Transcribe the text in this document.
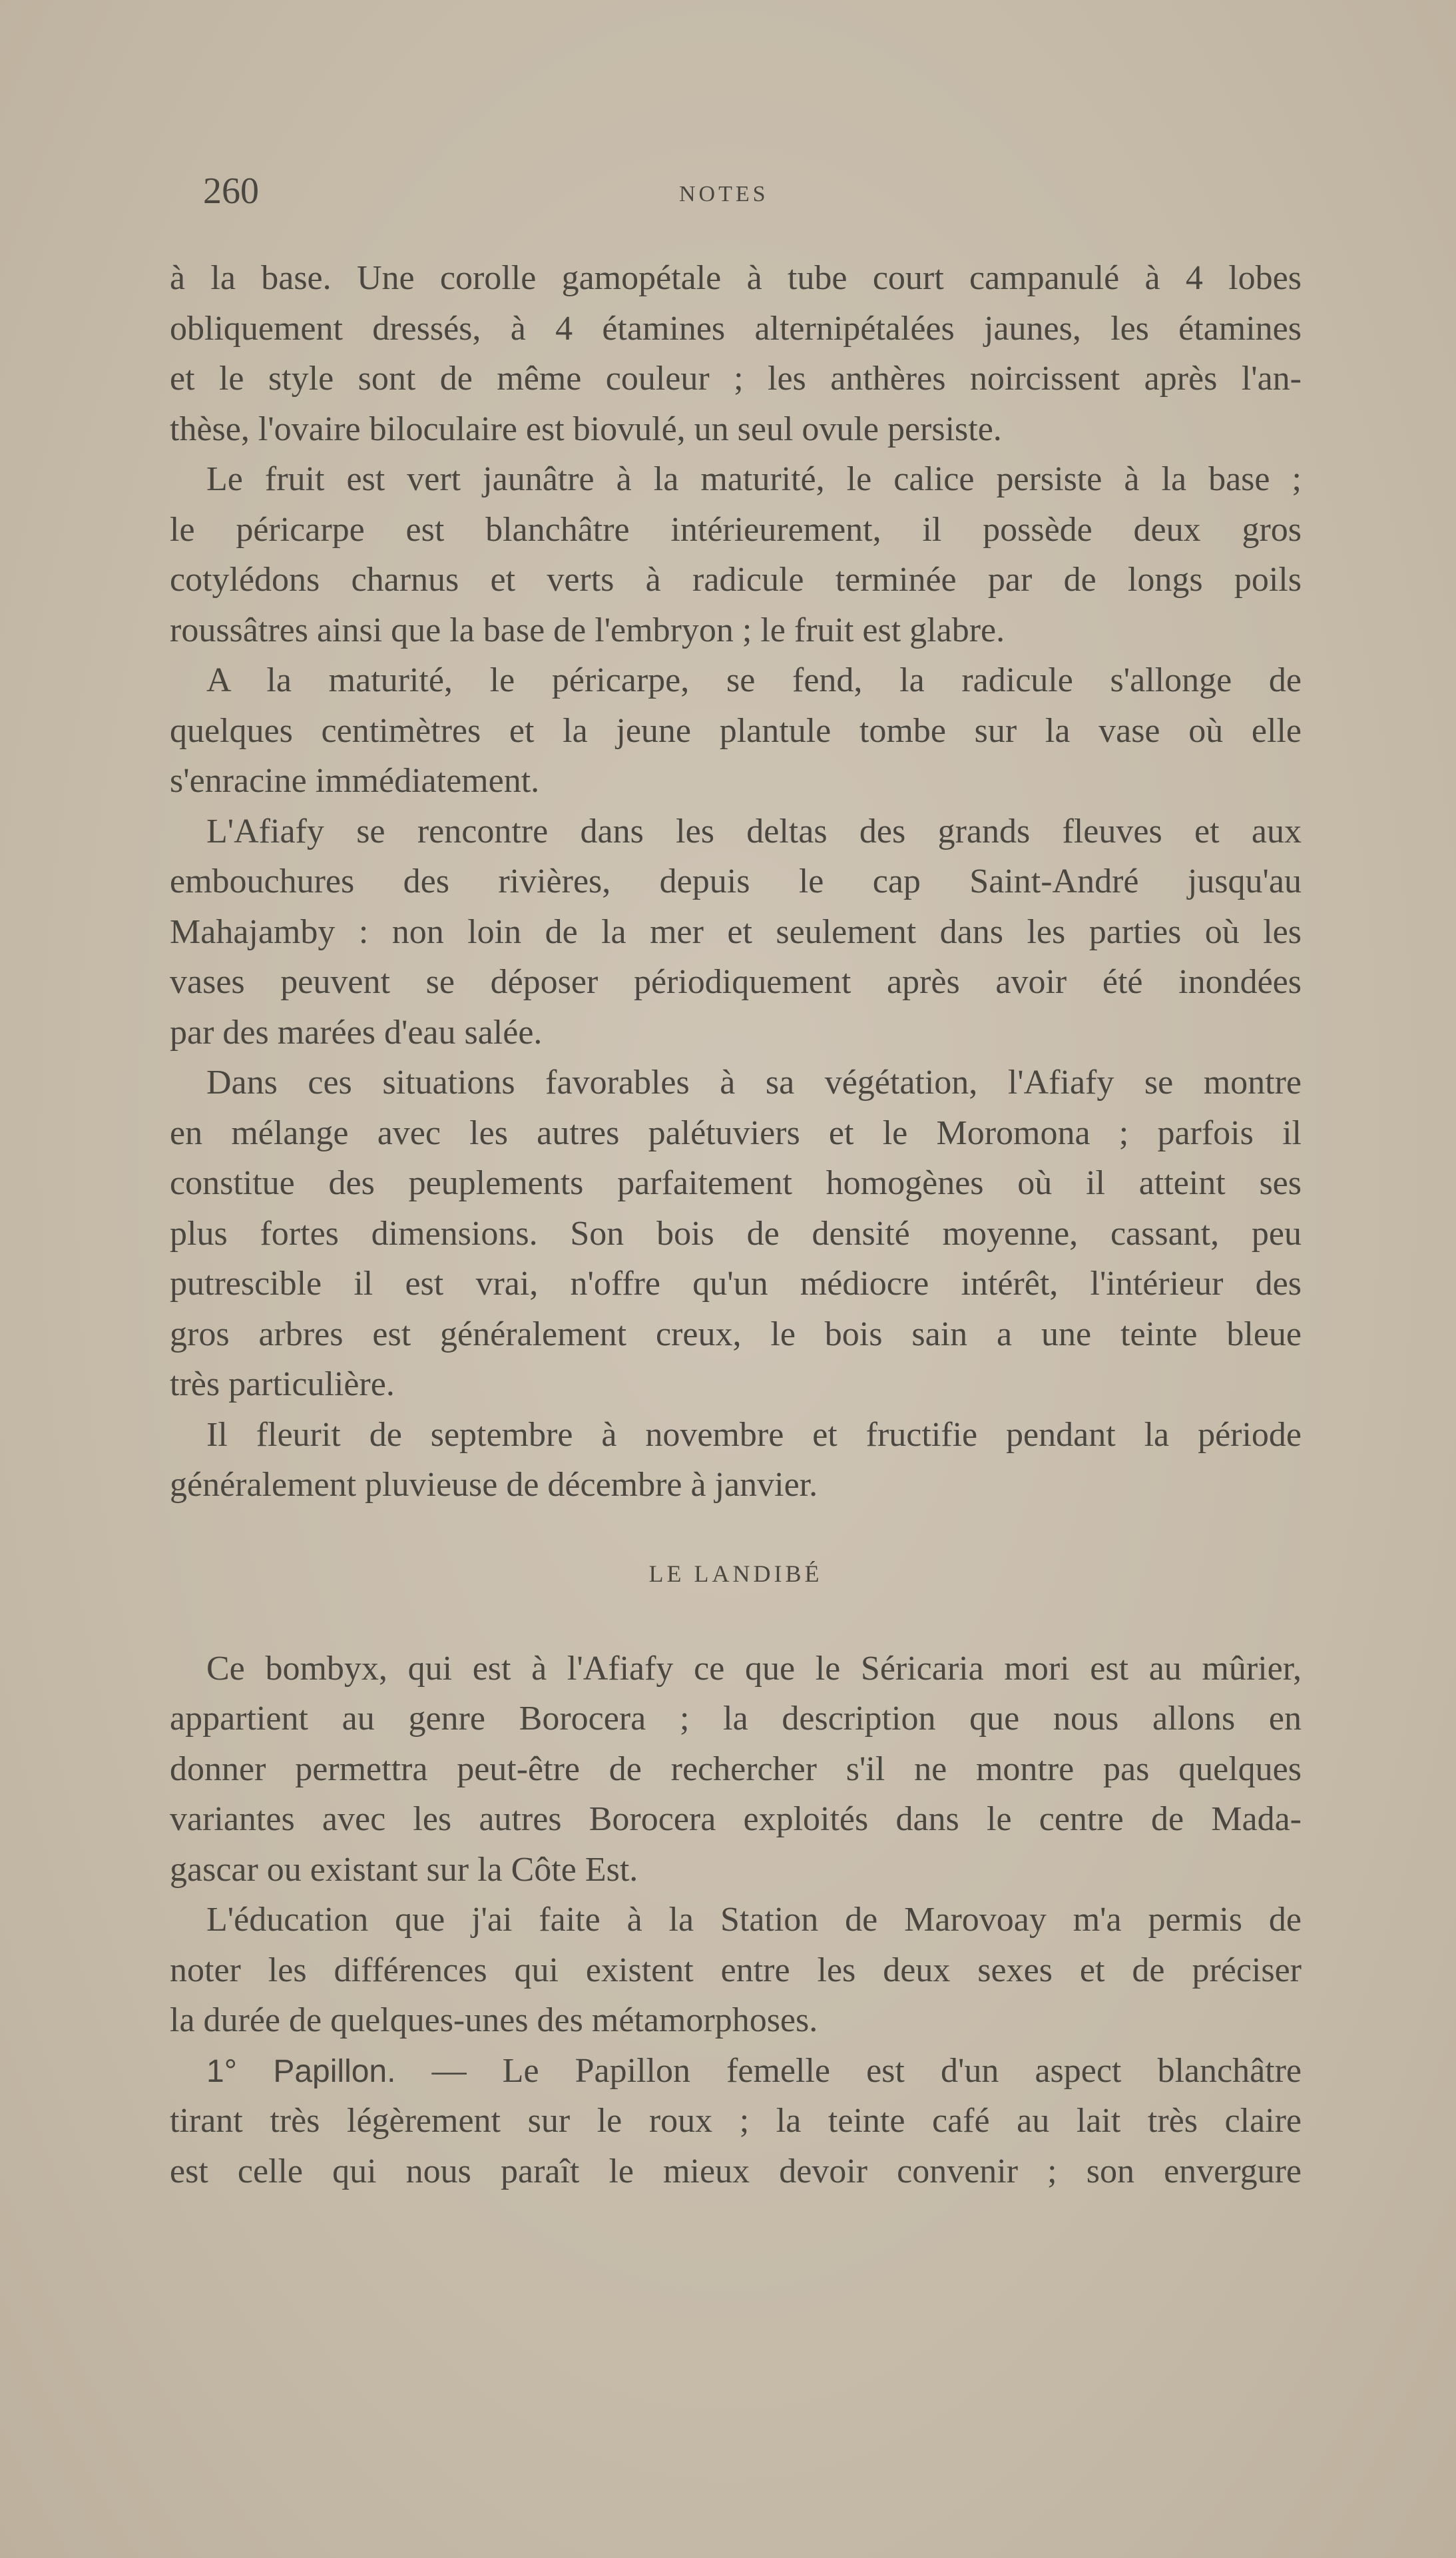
260	NOTES
à la base. Une corolle gamopétale à tube court campanulé à 4 lobes
obliquement dressés, à 4 étamines alternipétalées jaunes, les étamines
et le style sont de même couleur ; les anthères noircissent après l'an-
thèse, l'ovaire biloculaire est biovulé, un seul ovule persiste.
Le fruit est vert jaunâtre à la maturité, le calice persiste à la base ;
le péricarpe est blanchâtre intérieurement, il possède deux gros
cotylédons charnus et verts à radicule terminée par de longs poils
roussâtres ainsi que la base de l'embryon ; le fruit est glabre.
A la maturité, le péricarpe, se fend, la radicule s'allonge de
quelques centimètres et la jeune plantule tombe sur la vase où elle
s'enracine immédiatement.
L'Afiafy se rencontre dans les deltas des grands fleuves et aux
embouchures des rivières, depuis le cap Saint-André jusqu'au
Mahajamby : non loin de la mer et seulement dans les parties où les
vases peuvent se déposer périodiquement après avoir été inondées
par des marées d'eau salée.
Dans ces situations favorables à sa végétation, l'Afiafy se montre
en mélange avec les autres palétuviers et le Moromona ; parfois il
constitue des peuplements parfaitement homogènes où il atteint ses
plus fortes dimensions. Son bois de densité moyenne, cassant, peu
putrescible il est vrai, n'offre qu'un médiocre intérêt, l'intérieur des
gros arbres est généralement creux, le bois sain a une teinte bleue
très particulière.
Il fleurit de septembre à novembre et fructifie pendant la période
généralement pluvieuse de décembre à janvier.
LE LANDIBÉ
Ce bombyx, qui est à l'Afiafy ce que le Séricaria mori est au mûrier,
appartient au genre Borocera ; la description que nous allons en
donner permettra peut-être de rechercher s'il ne montre pas quelques
variantes avec les autres Borocera exploités dans le centre de Mada-
gascar ou existant sur la Côte Est.
L'éducation que j'ai faite à la Station de Marovoay m'a permis de
noter les différences qui existent entre les deux sexes et de préciser
la durée de quelques-unes des métamorphoses.
1° Papillon. — Le Papillon femelle est d'un aspect blanchâtre
tirant très légèrement sur le roux ; la teinte café au lait très claire
est celle qui nous paraît le mieux devoir convenir ; son envergure
